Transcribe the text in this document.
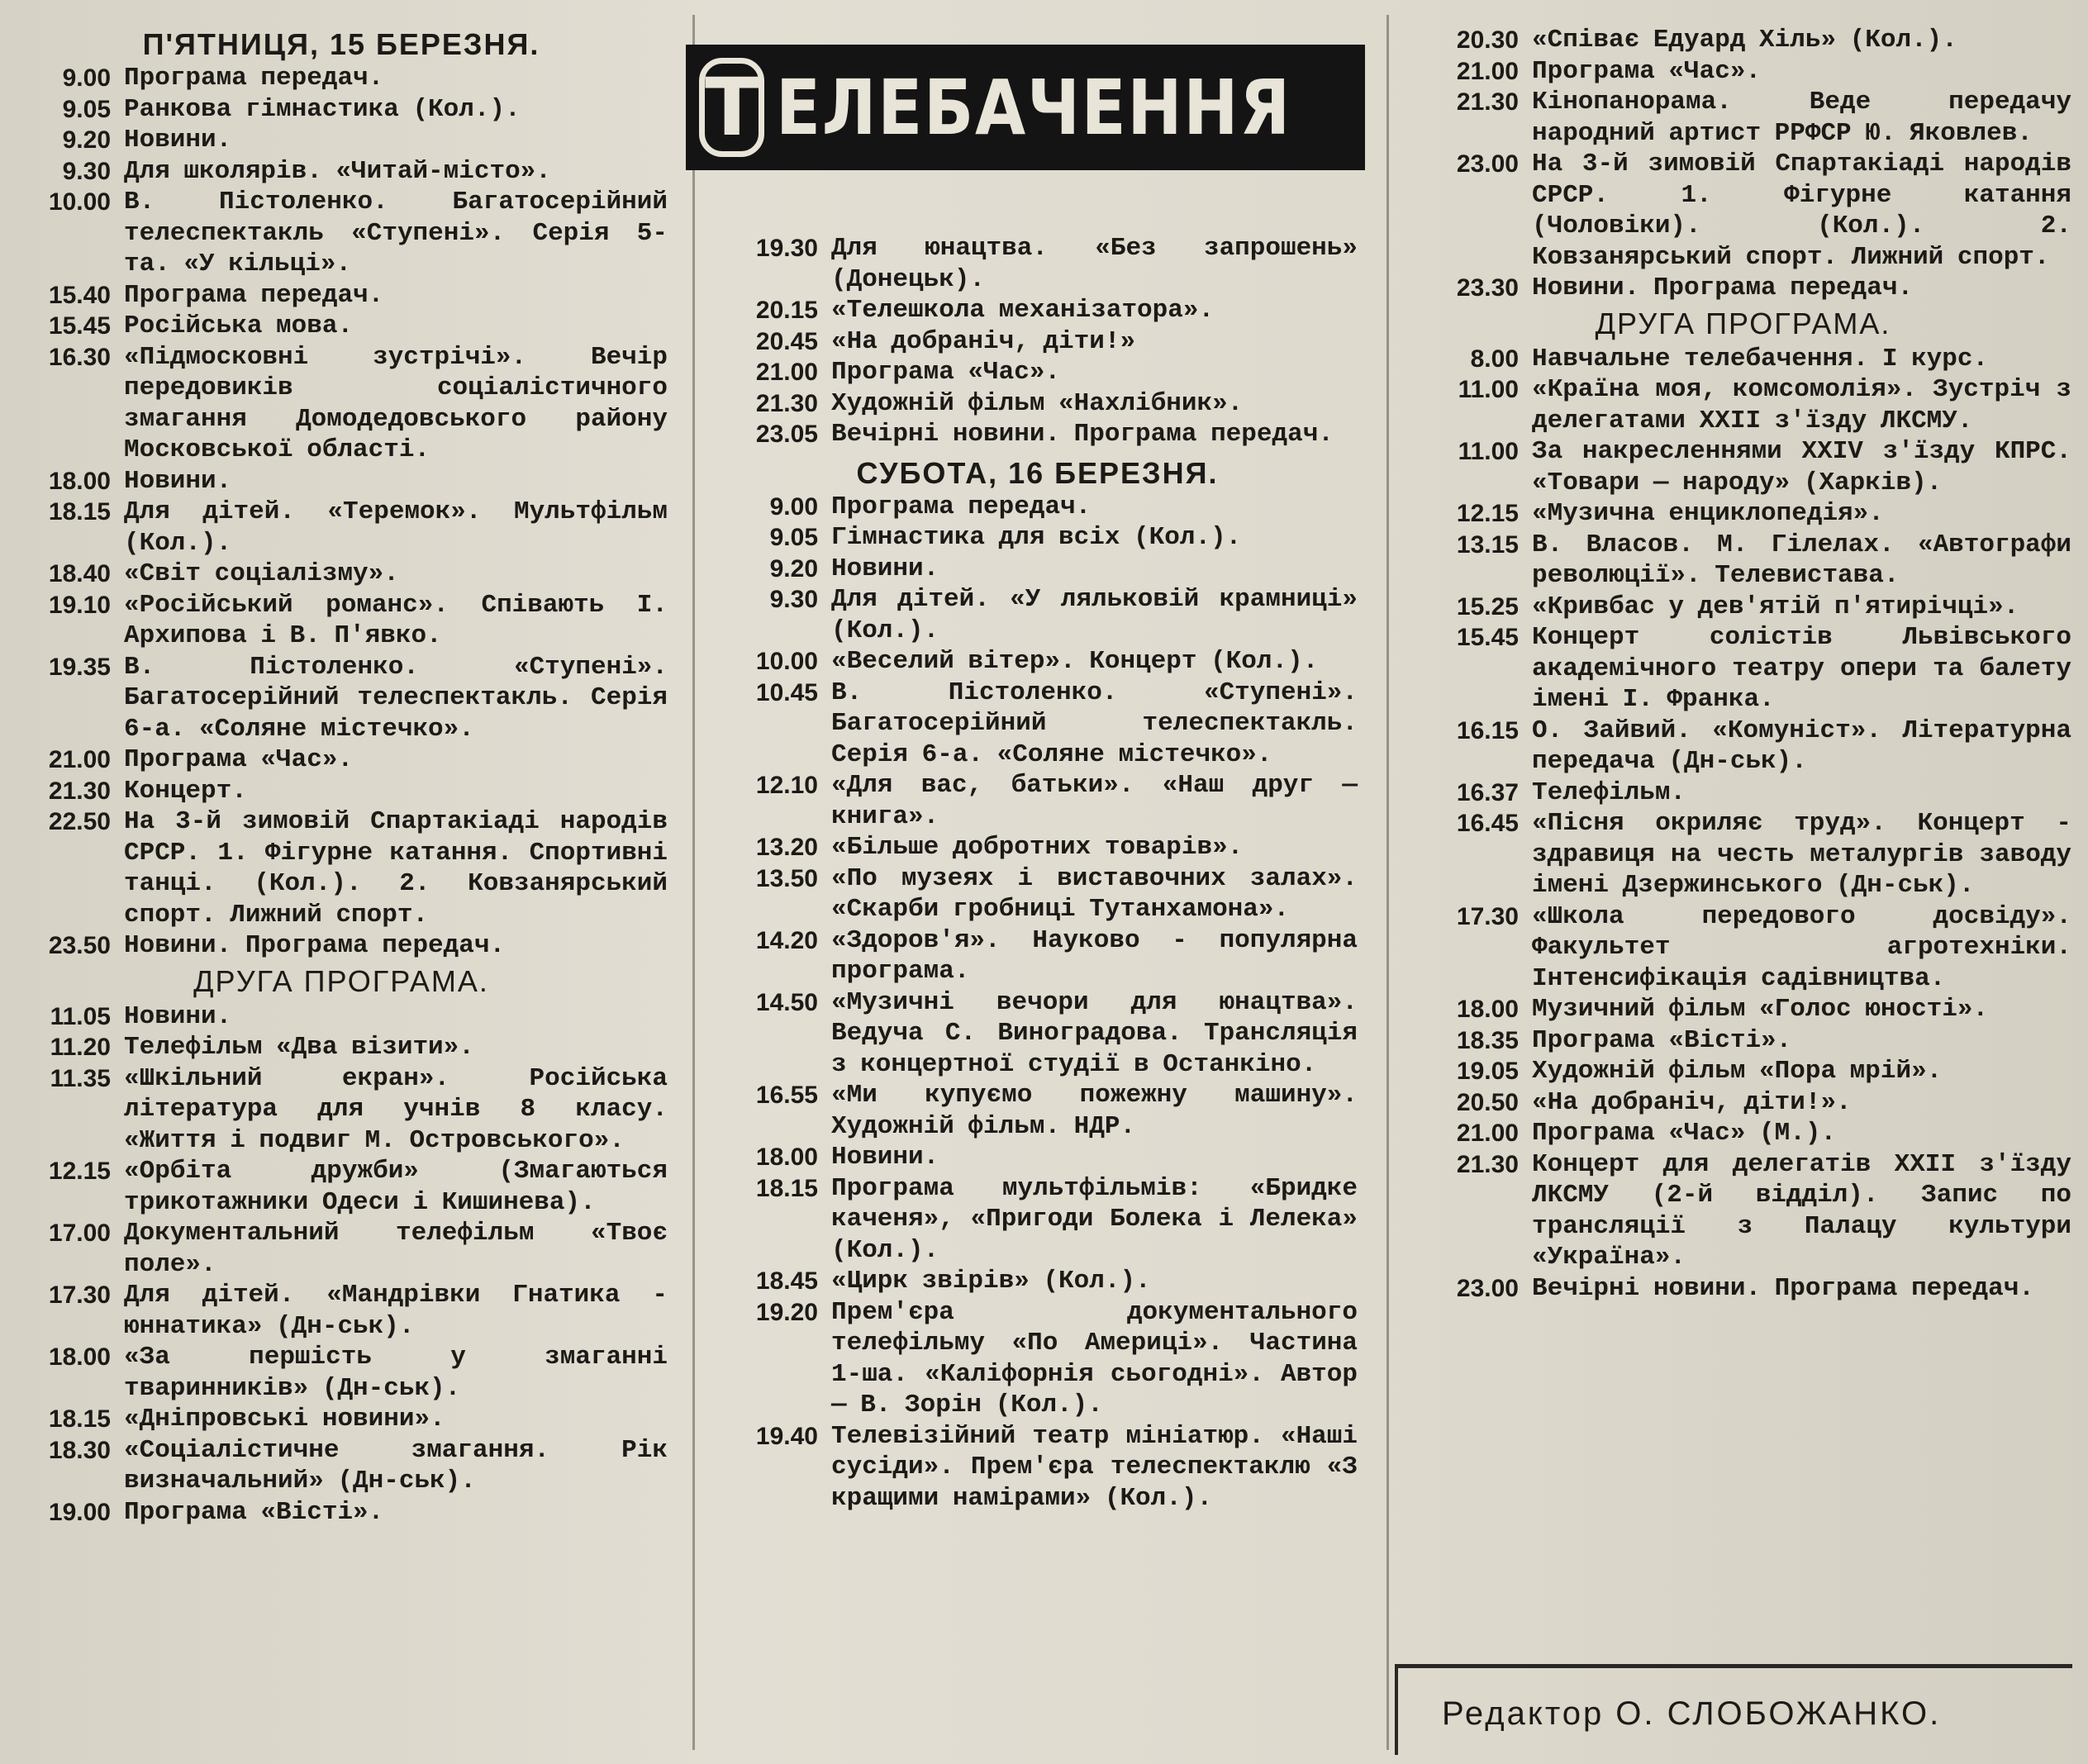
Т ЕЛЕБАЧЕННЯ
П'ЯТНИЦЯ, 15 БЕРЕЗНЯ.
9.00 Програма передач.
9.05 Ранкова гімнастика (Кол.).
9.20 Новини.
9.30 Для школярів. «Читай-місто».
10.00 В. Пістоленко. Багатосерійний телеспектакль «Ступені». Серія 5-та. «У кільці».
15.40 Програма передач.
15.45 Російська мова.
16.30 «Підмосковні зустрічі». Вечір передовиків соціалістичного змагання Домодедовського району Московської області.
18.00 Новини.
18.15 Для дітей. «Теремок». Мультфільм (Кол.).
18.40 «Світ соціалізму».
19.10 «Російський романс». Співають І. Архипова і В. П'явко.
19.35 В. Пістоленко. «Ступені». Багатосерійний телеспектакль. Серія 6-а. «Соляне містечко».
21.00 Програма «Час».
21.30 Концерт.
22.50 На 3-й зимовій Спартакіаді народів СРСР. 1. Фігурне катання. Спортивні танці. (Кол.). 2. Ковзанярський спорт. Лижний спорт.
23.50 Новини. Програма передач.
ДРУГА ПРОГРАМА.
11.05 Новини.
11.20 Телефільм «Два візити».
11.35 «Шкільний екран». Російська література для учнів 8 класу. «Життя і подвиг М. Островського».
12.15 «Орбіта дружби» (Змагаються трикотажники Одеси і Кишинева).
17.00 Документальний телефільм «Твоє поле».
17.30 Для дітей. «Мандрівки Гнатика - юннатика» (Дн-ськ).
18.00 «За першість у змаганні тваринників» (Дн-ськ).
18.15 «Дніпровські новини».
18.30 «Соціалістичне змагання. Рік визначальний» (Дн-ськ).
19.00 Програма «Вісті».
19.30 Для юнацтва. «Без запрошень» (Донецьк).
20.15 «Телешкола механізатора».
20.45 «На добраніч, діти!»
21.00 Програма «Час».
21.30 Художній фільм «Нахлібник».
23.05 Вечірні новини. Програма передач.
СУБОТА, 16 БЕРЕЗНЯ.
9.00 Програма передач.
9.05 Гімнастика для всіх (Кол.).
9.20 Новини.
9.30 Для дітей. «У ляльковій крамниці» (Кол.).
10.00 «Веселий вітер». Концерт (Кол.).
10.45 В. Пістоленко. «Ступені». Багатосерійний телеспектакль. Серія 6-а. «Соляне містечко».
12.10 «Для вас, батьки». «Наш друг — книга».
13.20 «Більше добротних товарів».
13.50 «По музеях і виставочних залах». «Скарби гробниці Тутанхамона».
14.20 «Здоров'я». Науково - популярна програма.
14.50 «Музичні вечори для юнацтва». Ведуча С. Виноградова. Трансляція з концертної студії в Останкіно.
16.55 «Ми купуємо пожежну машину». Художній фільм. НДР.
18.00 Новини.
18.15 Програма мультфільмів: «Бридке каченя», «Пригоди Болека і Лелека» (Кол.).
18.45 «Цирк звірів» (Кол.).
19.20 Прем'єра документального телефільму «По Америці». Частина 1-ша. «Каліфорнія сьогодні». Автор — В. Зорін (Кол.).
19.40 Телевізійний театр мініатюр. «Наші сусіди». Прем'єра телеспектаклю «З кращими намірами» (Кол.).
20.30 «Співає Едуард Хіль» (Кол.).
21.00 Програма «Час».
21.30 Кінопанорама. Веде передачу народний артист РРФСР Ю. Яковлев.
23.00 На 3-й зимовій Спартакіаді народів СРСР. 1. Фігурне катання (Чоловіки). (Кол.). 2. Ковзанярський спорт. Лижний спорт.
23.30 Новини. Програма передач.
ДРУГА ПРОГРАМА.
8.00 Навчальне телебачення. І курс.
11.00 «Країна моя, комсомолія». Зустріч з делегатами XXII з'їзду ЛКСМУ.
11.00 За накресленнями XXIV з'їзду КПРС. «Товари — народу» (Харків).
12.15 «Музична енциклопедія».
13.15 В. Власов. М. Гілелах. «Автографи революції». Телевистава.
15.25 «Кривбас у дев'ятій п'ятирічці».
15.45 Концерт солістів Львівського академічного театру опери та балету імені І. Франка.
16.15 О. Зайвий. «Комуніст». Літературна передача (Дн-ськ).
16.37 Телефільм.
16.45 «Пісня окриляє труд». Концерт - здравиця на честь металургів заводу імені Дзержинського (Дн-ськ).
17.30 «Школа передового досвіду». Факультет агротехніки. Інтенсифікація садівництва.
18.00 Музичний фільм «Голос юності».
18.35 Програма «Вісті».
19.05 Художній фільм «Пора мрій».
20.50 «На добраніч, діти!».
21.00 Програма «Час» (М.).
21.30 Концерт для делегатів XXII з'їзду ЛКСМУ (2-й відділ). Запис по трансляції з Палацу культури «Україна».
23.00 Вечірні новини. Програма передач.
Редактор О. СЛОБОЖАНКО.
